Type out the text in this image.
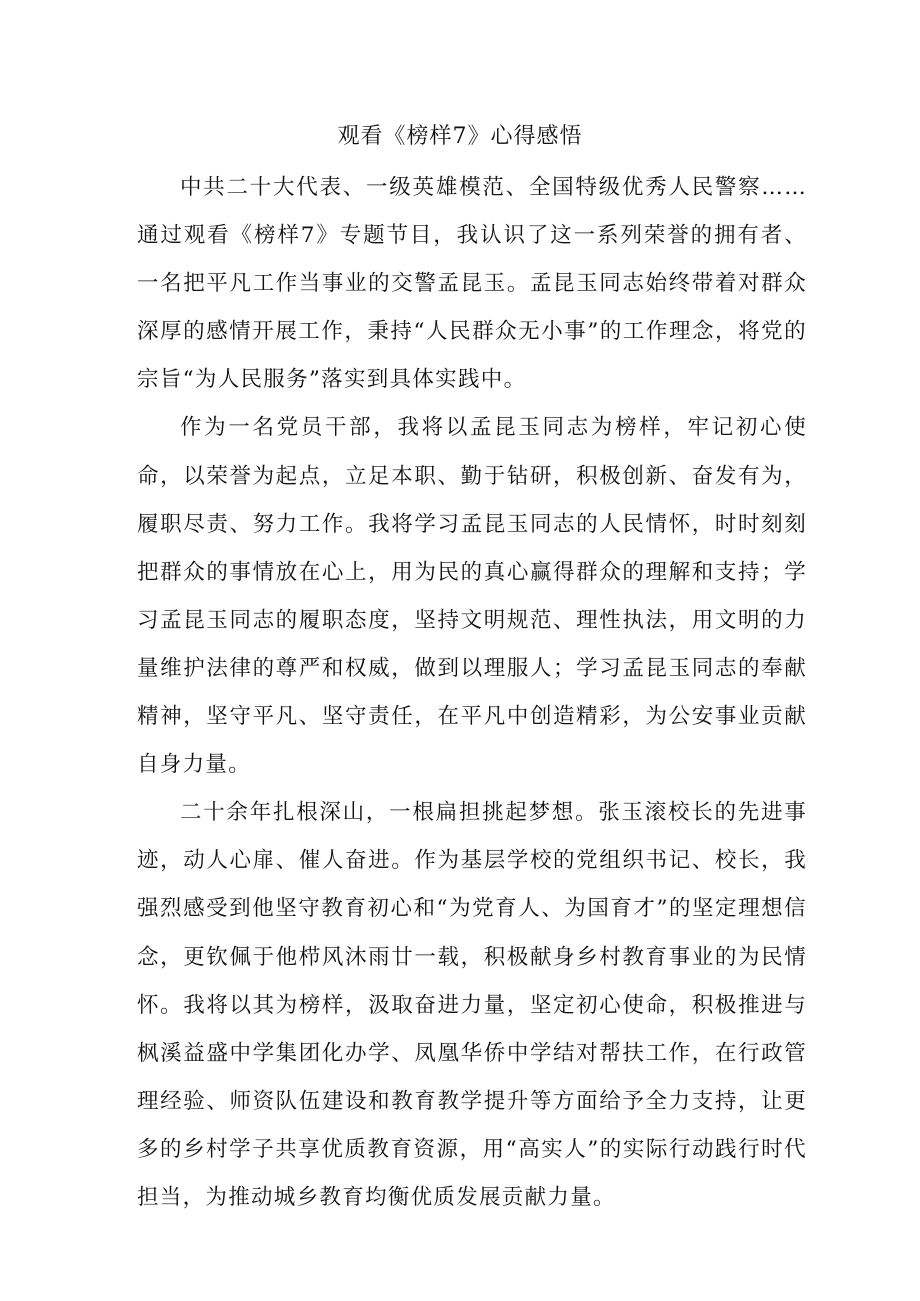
观看《榜样7》心得感悟

中共二十大代表、一级英雄模范、全国特级优秀人民警察……通过观看《榜样7》专题节目，我认识了这一系列荣誉的拥有者、一名把平凡工作当事业的交警孟昆玉。孟昆玉同志始终带着对群众深厚的感情开展工作，秉持“人民群众无小事”的工作理念，将党的宗旨“为人民服务”落实到具体实践中。

作为一名党员干部，我将以孟昆玉同志为榜样，牢记初心使命，以荣誉为起点，立足本职、勤于钻研，积极创新、奋发有为，履职尽责、努力工作。我将学习孟昆玉同志的人民情怀，时时刻刻把群众的事情放在心上，用为民的真心赢得群众的理解和支持；学习孟昆玉同志的履职态度，坚持文明规范、理性执法，用文明的力量维护法律的尊严和权威，做到以理服人；学习孟昆玉同志的奉献精神，坚守平凡、坚守责任，在平凡中创造精彩，为公安事业贡献自身力量。

二十余年扎根深山，一根扁担挑起梦想。张玉滚校长的先进事迹，动人心扉、催人奋进。作为基层学校的党组织书记、校长，我强烈感受到他坚守教育初心和“为党育人、为国育才”的坚定理想信念，更钦佩于他栉风沐雨廿一载，积极献身乡村教育事业的为民情怀。我将以其为榜样，汲取奋进力量，坚定初心使命，积极推进与枫溪益盛中学集团化办学、凤凰华侨中学结对帮扶工作，在行政管理经验、师资队伍建设和教育教学提升等方面给予全力支持，让更多的乡村学子共享优质教育资源，用“高实人”的实际行动践行时代担当，为推动城乡教育均衡优质发展贡献力量。
